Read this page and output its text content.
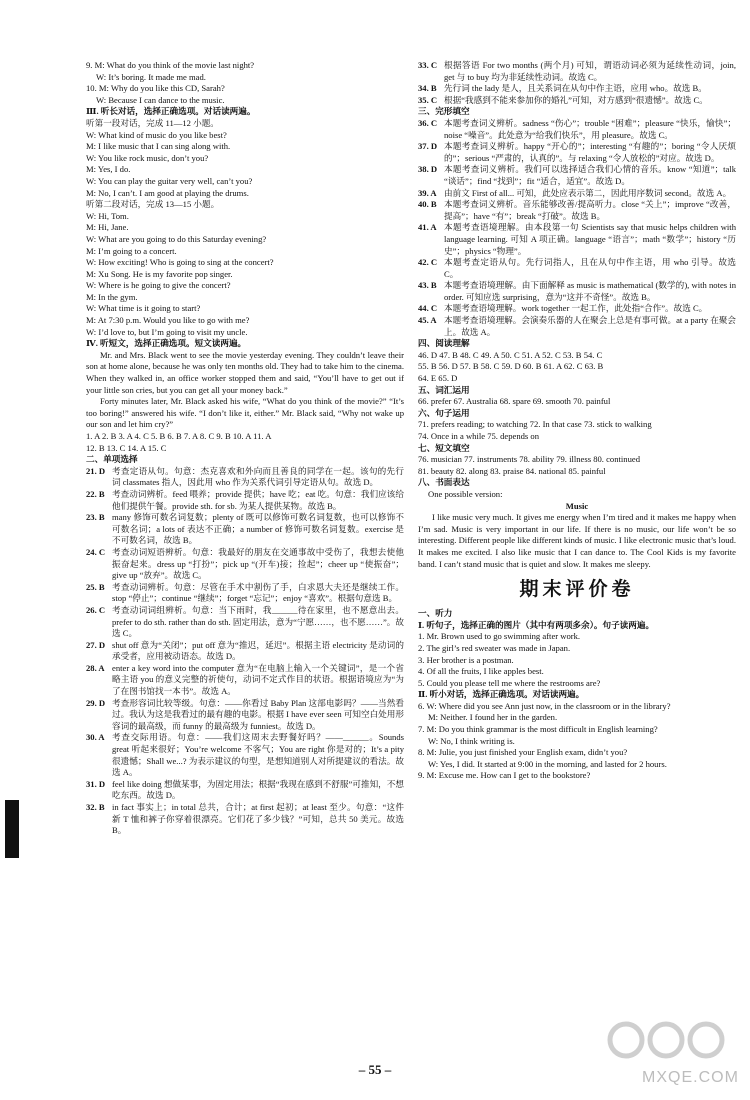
9. M: What do you think of the movie last night?
W: It’s boring. It made me mad.
10. M: Why do you like this CD, Sarah?
W: Because I can dance to the music.
Ⅲ. 听长对话，选择正确选项。对话读两遍。
听第一段对话，完成 11—12 小题。
W: What kind of music do you like best?
M: I like music that I can sing along with.
W: You like rock music, don’t you?
M: Yes, I do.
W: You can play the guitar very well, can’t you?
M: No, I can’t. I am good at playing the drums.
听第二段对话，完成 13—15 小题。
W: Hi, Tom.
M: Hi, Jane.
W: What are you going to do this Saturday evening?
M: I’m going to a concert.
W: How exciting! Who is going to sing at the concert?
M: Xu Song. He is my favorite pop singer.
W: Where is he going to give the concert?
M: In the gym.
W: What time is it going to start?
M: At 7:30 p.m. Would you like to go with me?
W: I’d love to, but I’m going to visit my uncle.
Ⅳ. 听短文，选择正确选项。短文读两遍。
Mr. and Mrs. Black went to see the movie yesterday evening. They couldn’t leave their son at home alone, because he was only ten months old. They had to take him to the cinema. When they walked in, an office worker stopped them and said, “You’ll have to get out if your little son cries, but you can get all your money back.”
Forty minutes later, Mr. Black asked his wife, “What do you think of the movie?” “It’s too boring!” answered his wife. “I don’t like it, either.” Mr. Black said, “Why not wake up our son and let him cry?”
1. A 2. B 3. A 4. C 5. B 6. B 7. A 8. C 9. B 10. A 11. A
12. B 13. C 14. A 15. C
二、单项选择
21. D 考查定语从句。句意：杰克喜欢和外向而且善良的同学在一起。该句的先行词 classmates 指人，因此用 who 作为关系代词引导定语从句。故选 D。
22. B 考查动词辨析。feed 喂养；provide 提供；have 吃；eat 吃。句意：我们应该给他们提供午餐。provide sth. for sb. 为某人提供某物。故选 B。
23. B many 修饰可数名词复数；plenty of 既可以修饰可数名词复数，也可以修饰不可数名词；a lots of 表达不正确；a number of 修饰可数名词复数。exercise 是不可数名词，故选 B。
24. C 考查动词短语辨析。句意：我最好的朋友在交通事故中受伤了，我想去使他振奋起来。dress up “打扮”；pick up “(开车)接；捡起”；cheer up “使振奋”；give up “放弃”。故选 C。
25. B 考查动词辨析。句意：尽管在手术中割伤了手，白求恩大夫还是继续工作。stop “停止”；continue “继续”；forget “忘记”；enjoy “喜欢”。根据句意选 B。
26. C 考查动词词组辨析。句意：当下雨时，我______待在家里，也不愿意出去。prefer to do sth. rather than do sth. 固定用法，意为“宁愿……，也不愿……”。故选 C。
27. D shut off 意为“关闭”；put off 意为“推迟，延迟”。根据主语 electricity 是动词的承受者，应用被动语态。故选 D。
28. A enter a key word into the computer 意为“在电脑上输入一个关键词”，是一个省略主语 you 的意义完整的祈使句，动词不定式作目的状语。根据语境应为“为了在图书馆找一本书”。故选 A。
29. D 考查形容词比较等级。句意：——你看过 Baby Plan 这部电影吗？——当然看过。我认为这是我看过的最有趣的电影。根据 I have ever seen 可知空白处用形容词的最高级，而 funny 的最高级为 funniest。故选 D。
30. A 考查交际用语。句意：——我们这周末去野餐好吗？——______。Sounds great 听起来很好；You’re welcome 不客气；You are right 你是对的；It’s a pity 很遗憾；Shall we...? 为表示建议的句型，是想知道别人对所提建议的看法。故选 A。
31. D feel like doing 想做某事，为固定用法；根据“我现在感到不舒服”可推知，不想吃东西。故选 D。
32. B in fact 事实上；in total 总共，合计；at first 起初；at least 至少。句意：“这件新 T 恤和裤子你穿着很漂亮。它们花了多少钱？”可知，总共 50 美元。故选 B。
33. C 根据答语 For two months (两个月) 可知，谓语动词必须为延续性动词，join, get 与 to buy 均为非延续性动词。故选 C。
34. B 先行词 the lady 是人，且关系词在从句中作主语，应用 who。故选 B。
35. C 根据“我感到不能来参加你的婚礼”可知，对方感到“很遗憾”。故选 C。
三、完形填空
36. C 本题考查词义辨析。sadness “伤心”；trouble “困难”；pleasure “快乐，愉快”；noise “噪音”。此处意为“给我们快乐”，用 pleasure。故选 C。
37. D 本题考查词义辨析。happy “开心的”；interesting “有趣的”；boring “令人厌烦的”；serious “严肃的，认真的”。与 relaxing “令人放松的”对应。故选 D。
38. D 本题考查词义辨析。我们可以选择适合我们心情的音乐。know “知道”；talk “谈话”；find “找到”；fit “适合，适宜”。故选 D。
39. A 由前文 First of all... 可知，此处应表示第二，因此用序数词 second。故选 A。
40. B 本题考查词义辨析。音乐能够改善/提高听力。close “关上”；improve “改善，提高”；have “有”；break “打破”。故选 B。
41. A 本题考查语境理解。由本段第一句 Scientists say that music helps children with language learning. 可知 A 项正确。language “语言”；math “数学”；history “历史”；physics “物理”。
42. C 本题考查定语从句。先行词指人，且在从句中作主语，用 who 引导。故选 C。
43. B 本题考查语境理解。由下面解释 as music is mathematical (数学的), with notes in order. 可知应选 surprising，意为“这并不奇怪”。故选 B。
44. C 本题考查语境理解。work together 一起工作，此处指“合作”。故选 C。
45. A 本题考查语境理解。会演奏乐器的人在聚会上总是有事可做。at a party 在聚会上。故选 A。
四、阅读理解
46. D 47. B 48. C 49. A 50. C 51. A 52. C 53. B 54. C
55. B 56. D 57. B 58. C 59. D 60. B 61. A 62. C 63. B
64. E 65. D
五、词汇运用
66. prefer 67. Australia 68. spare 69. smooth 70. painful
六、句子运用
71. prefers reading; to watching 72. In that case 73. stick to walking
74. Once in a while 75. depends on
七、短文填空
76. musician 77. instruments 78. ability 79. illness 80. continued
81. beauty 82. along 83. praise 84. national 85. painful
八、书面表达
One possible version:
Music
I like music very much. It gives me energy when I’m tired and it makes me happy when I’m sad. Music is very important in our life. If there is no music, our life won’t be so interesting. Different people like different kinds of music. I like electronic music that’s loud. It makes me excited. I also like music that I can dance to. The Cool Kids is my favorite band. I can’t stand music that is quiet and slow. It makes me sleepy.
期末评价卷
一、听力
Ⅰ. 听句子，选择正确的图片（其中有两项多余）。句子读两遍。
1. Mr. Brown used to go swimming after work.
2. The girl’s red sweater was made in Japan.
3. Her brother is a postman.
4. Of all the fruits, I like apples best.
5. Could you please tell me where the restrooms are?
Ⅱ. 听小对话，选择正确选项。对话读两遍。
6. W: Where did you see Ann just now, in the classroom or in the library?
M: Neither. I found her in the garden.
7. M: Do you think grammar is the most difficult in English learning?
W: No, I think writing is.
8. M: Julie, you just finished your English exam, didn’t you?
W: Yes, I did. It started at 9:00 in the morning, and lasted for 2 hours.
9. M: Excuse me. How can I get to the bookstore?
– 55 –	MXQE.COM
